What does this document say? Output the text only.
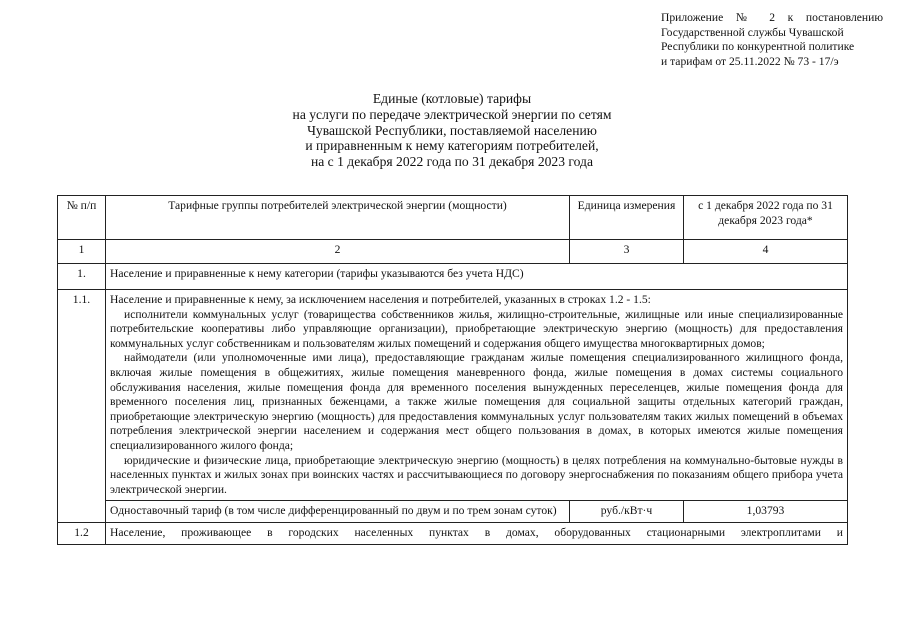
Приложение № 2 к постановлению
Государственной службы Чувашской
Республики по конкурентной политике
и тарифам от 25.11.2022 № 73 - 17/э
Единые (котловые) тарифы
на услуги по передаче электрической энергии по сетям
Чувашской Республики, поставляемой населению
и приравненным к нему категориям потребителей,
на с 1 декабря 2022 года по 31 декабря 2023 года
№ п/п	Тарифные группы потребителей электрической энергии (мощности)	Единица измерения	с 1 декабря 2022 года по 31 декабря 2023 года*
1	2	3	4
1.	Население и приравненные к нему категории (тарифы указываются без учета НДС)		
1.1.	Население и приравненные к нему, за исключением населения и потребителей, указанных в строках 1.2 - 1.5:
исполнители коммунальных услуг (товарищества собственников жилья, жилищно-строительные, жилищные или иные специализированные потребительские кооперативы либо управляющие организации), приобретающие электрическую энергию (мощность) для предоставления коммунальных услуг собственникам и пользователям жилых помещений и содержания общего имущества многоквартирных домов;
наймодатели (или уполномоченные ими лица), предоставляющие гражданам жилые помещения специализированного жилищного фонда, включая жилые помещения в общежитиях, жилые помещения маневренного фонда, жилые помещения в домах системы социального обслуживания населения, жилые помещения фонда для временного поселения вынужденных переселенцев, жилые помещения фонда для временного поселения лиц, признанных беженцами, а также жилые помещения для социальной защиты отдельных категорий граждан, приобретающие электрическую энергию (мощность) для предоставления коммунальных услуг пользователям таких жилых помещений в объемах потребления электрической энергии населением и содержания мест общего пользования в домах, в которых имеются жилые помещения специализированного жилого фонда;
юридические и физические лица, приобретающие электрическую энергию (мощность) в целях потребления на коммунально-бытовые нужды в населенных пунктах и жилых зонах при воинских частях и рассчитывающиеся по договору энергоснабжения по показаниям общего прибора учета электрической энергии.		

	Одноставочный тариф (в том числе дифференцированный по двум и по трем зонам суток)	руб./кВт·ч	1,03793
1.2	Население, проживающее в городских населенных пунктах в домах, оборудованных стационарными электроплитами и		
